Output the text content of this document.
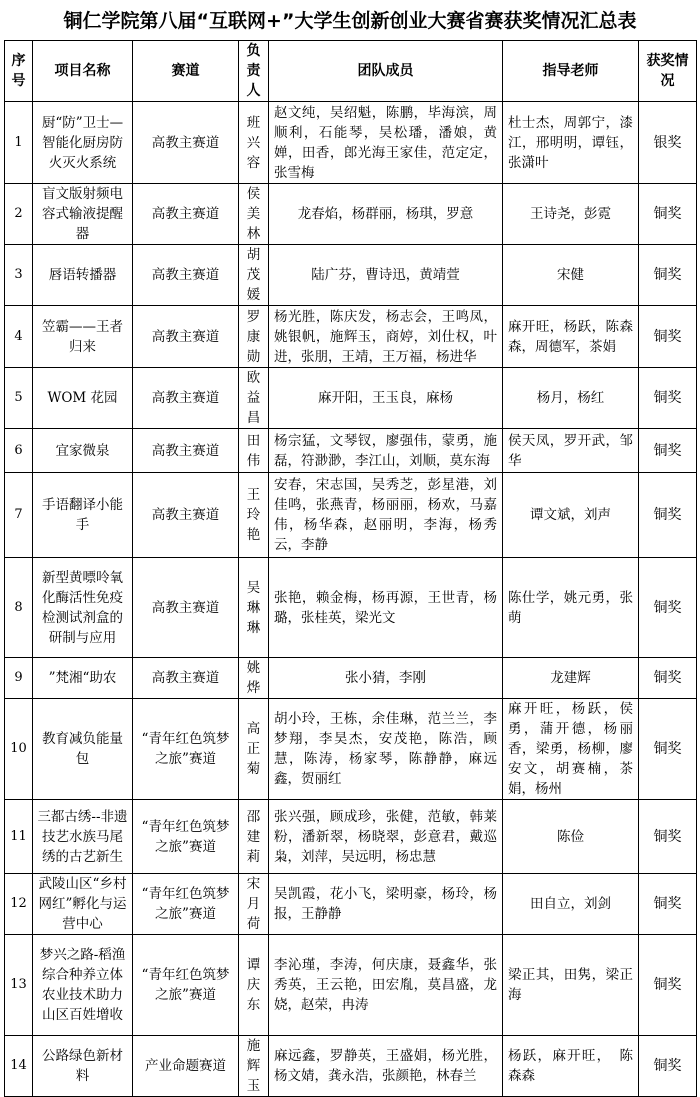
铜仁学院第八届“互联网+”大学生创新创业大赛省赛获奖情况汇总表
序号	项目名称	赛道	负责人	团队成员	指导老师	获奖情况
1	厨“防”卫士—智能化厨房防火灭火系统	高教主赛道	班兴容	赵文纯，吴绍魁，陈鹏，毕海滨，周顺利，石能琴，吴松璠，潘娘，黄婵，田香，郎光海王家佳，范定定，张雪梅	杜士杰，周郭宁，漆江，邢明明，谭钰，张潇叶	银奖
2	盲文版射频电容式输液提醒器	高教主赛道	侯美林	龙春焰，杨群丽，杨琪，罗意	王诗尧，彭霓	铜奖
3	唇语转播器	高教主赛道	胡茂媛	陆广芬，曹诗迅，黄靖萱	宋健	铜奖
4	笠霸——王者归来	高教主赛道	罗康勋	杨光胜，陈庆发，杨志会，王鸣凤，姚银帆，施辉玉，商婷，刘仕权，叶进，张朋，王靖，王万福，杨进华	麻开旺，杨跃，陈森森，周德军，茶娟	铜奖
5	WOM 花园	高教主赛道	欧益昌	麻开阳，王玉良，麻杨	杨月，杨红	铜奖
6	宜家微泉	高教主赛道	田伟	杨宗猛，文琴钗，廖强伟，蒙勇，施磊，符渺渺，李江山，刘顺，莫东海	侯天凤，罗开武，邹华	铜奖
7	手语翻译小能手	高教主赛道	王玲艳	安春，宋志国，吴秀芝，彭星港，刘佳鸣，张燕青，杨丽丽，杨欢，马嘉伟，杨华森，赵丽明，李海，杨秀云，李静	谭文斌，刘声	铜奖
8	新型黄嘌呤氧化酶活性免疫检测试剂盒的研制与应用	高教主赛道	吴琳琳	张艳，赖金梅，杨再源，王世青，杨璐，张桂英，梁光文	陈仕学，姚元勇，张萌	铜奖
9	”梵湘“助农	高教主赛道	姚烨	张小猜，李刚	龙建辉	铜奖
10	教育减负能量包	“青年红色筑梦之旅”赛道	高正菊	胡小玲，王栋，余佳琳，范兰兰，李梦翔，李昊杰，安茂艳，陈浩，顾慧，陈涛，杨家琴，陈静静，麻远鑫，贺丽红	麻开旺，杨跃，侯勇，蒲开德，杨丽香，梁勇，杨柳，廖安文，胡赛楠，茶娟，杨州	铜奖
11	三都古绣--非遗技艺水族马尾绣的古艺新生	“青年红色筑梦之旅”赛道	邵建莉	张兴强，顾成珍，张健，范敏，韩莱粉，潘新翠，杨晓翠，彭意君，戴巡枭，刘萍，吴远明，杨忠慧	陈俭	铜奖
12	武陵山区“乡村网红”孵化与运营中心	“青年红色筑梦之旅”赛道	宋月荷	吴凯霞，花小飞，梁明豪，杨玲，杨报，王静静	田自立，刘剑	铜奖
13	梦兴之路-稻渔综合种养立体农业技术助力山区百姓增收	“青年红色筑梦之旅”赛道	谭庆东	李沁瑾，李涛，何庆康，聂鑫华，张秀英，王云艳，田宏胤，莫昌盛，龙娆，赵荣，冉涛	梁正其，田隽，梁正海	铜奖
14	公路绿色新材料	产业命题赛道	施辉玉	麻远鑫，罗静英，王盛娟，杨光胜，杨文婧，龚永浩，张颜艳，林春兰	杨跃，麻开旺，　陈森森	铜奖
